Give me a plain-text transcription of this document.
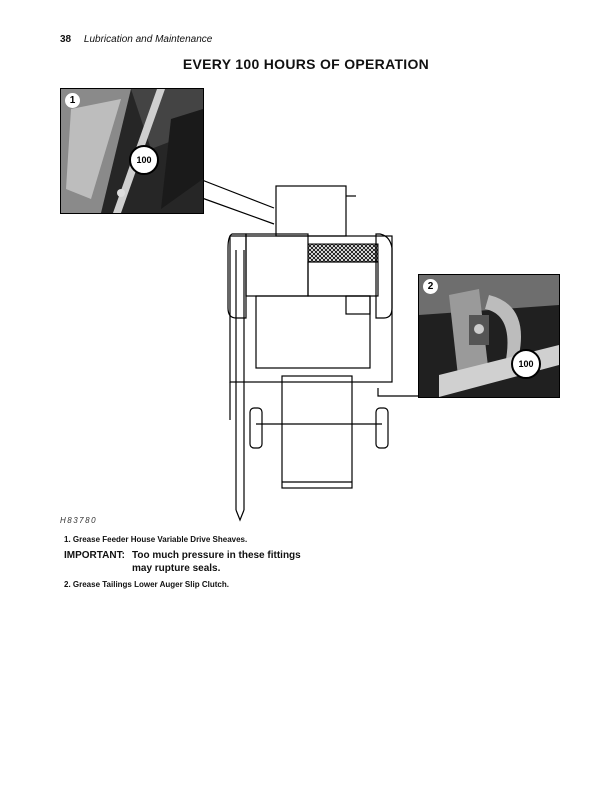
38 Lubrication and Maintenance
EVERY 100 HOURS OF OPERATION
1
100
2
100
H83780
1. Grease Feeder House Variable Drive Sheaves.
IMPORTANT: Too much pressure in these fittings
may rupture seals.
2. Grease Tailings Lower Auger Slip Clutch.
